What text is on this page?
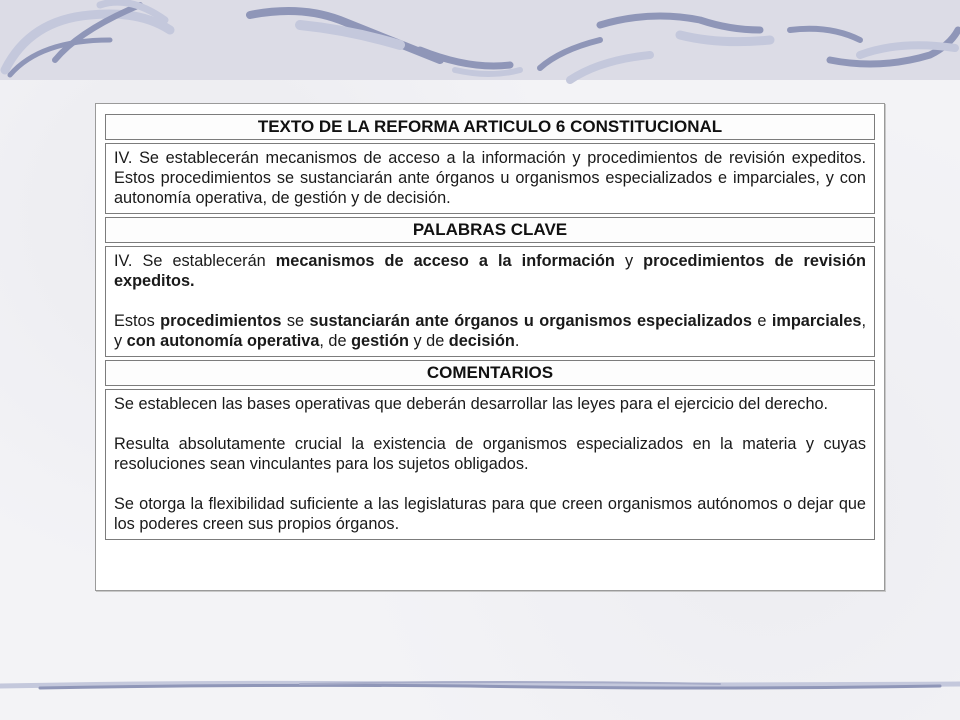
TEXTO DE LA REFORMA ARTICULO 6 CONSTITUCIONAL

IV. Se establecerán mecanismos de acceso a la información y procedimientos de revisión expeditos. Estos procedimientos se sustanciarán ante órganos u organismos especializados e imparciales, y con autonomía operativa, de gestión y de decisión.

PALABRAS CLAVE

IV. Se establecerán mecanismos de acceso a la información y procedimientos de revisión expeditos.

Estos procedimientos se sustanciarán ante órganos u organismos especializados e imparciales, y con autonomía operativa, de gestión y de decisión.

COMENTARIOS

Se establecen las bases operativas que deberán desarrollar las leyes para el ejercicio del derecho.

Resulta absolutamente crucial la existencia de organismos especializados en la materia y cuyas resoluciones sean vinculantes para los sujetos obligados.

Se otorga la flexibilidad suficiente a las legislaturas para que creen organismos autónomos o dejar que los poderes creen sus propios órganos.
